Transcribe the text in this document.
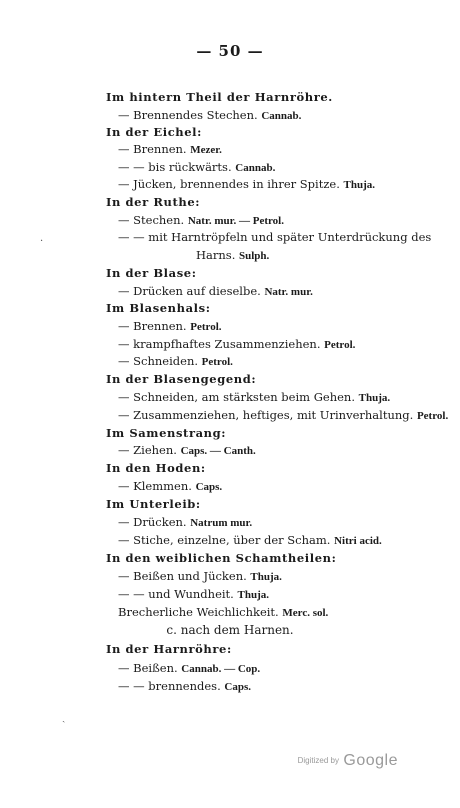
— 50 —
Im hintern Theil der Harnröhre.
— Brennendes Stechen. Cannab.
In der Eichel:
— Brennen. Mezer.
— — bis rückwärts. Cannab.
— Jücken, brennendes in ihrer Spitze. Thuja.
In der Ruthe:
— Stechen. Natr. mur. — Petrol.
— — mit Harntröpfeln und später Unterdrückung des
Harns. Sulph.
In der Blase:
— Drücken auf dieselbe. Natr. mur.
Im Blasenhals:
— Brennen. Petrol.
— krampfhaftes Zusammenziehen. Petrol.
— Schneiden. Petrol.
In der Blasengegend:
— Schneiden, am stärksten beim Gehen. Thuja.
— Zusammenziehen, heftiges, mit Urinverhaltung. Petrol.
Im Samenstrang:
— Ziehen. Caps. — Canth.
In den Hoden:
— Klemmen. Caps.
Im Unterleib:
— Drücken. Natrum mur.
— Stiche, einzelne, über der Scham. Nitri acid.
In den weiblichen Schamtheilen:
— Beißen und Jücken. Thuja.
— — und Wundheit. Thuja.
Brecherliche Weichlichkeit. Merc. sol.
c. nach dem Harnen.
In der Harnröhre:
— Beißen. Cannab. — Cop.
— — brennendes. Caps.
·
ˏ
Digitized by Google
